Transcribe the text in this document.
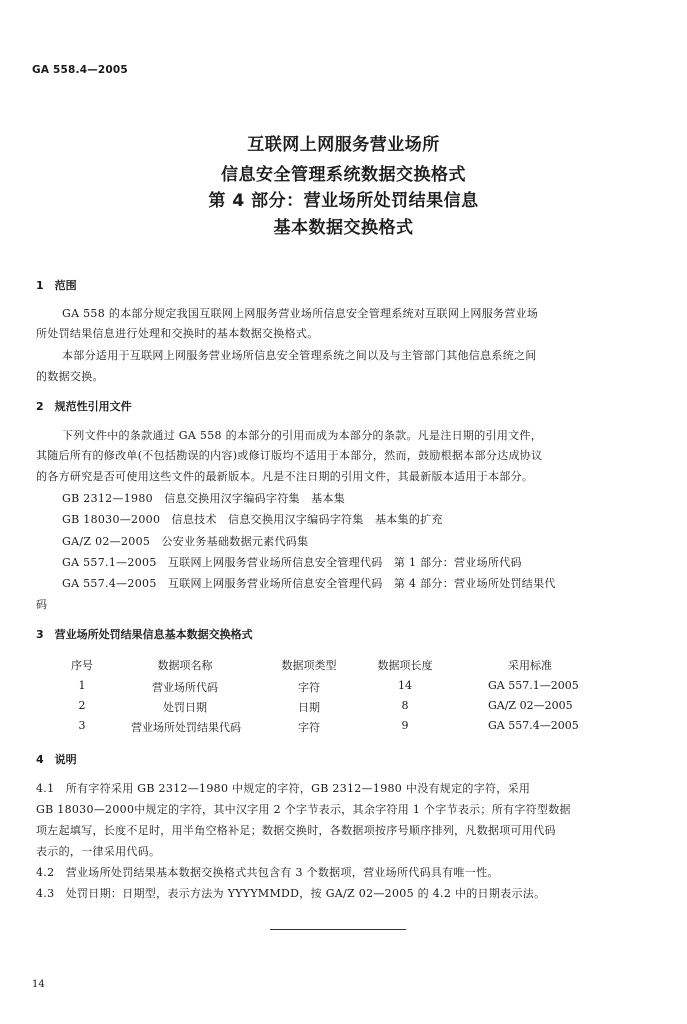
GA 558.4—2005
互联网上网服务营业场所
信息安全管理系统数据交换格式
第 4 部分：营业场所处罚结果信息
基本数据交换格式
1　范围
GA 558 的本部分规定我国互联网上网服务营业场所信息安全管理系统对互联网上网服务营业场
所处罚结果信息进行处理和交换时的基本数据交换格式。
本部分适用于互联网上网服务营业场所信息安全管理系统之间以及与主管部门其他信息系统之间
的数据交换。
2　规范性引用文件
下列文件中的条款通过 GA 558 的本部分的引用而成为本部分的条款。凡是注日期的引用文件，
其随后所有的修改单(不包括勘误的内容)或修订版均不适用于本部分，然而，鼓励根据本部分达成协议
的各方研究是否可使用这些文件的最新版本。凡是不注日期的引用文件，其最新版本适用于本部分。
GB 2312—1980　信息交换用汉字编码字符集　基本集
GB 18030—2000　信息技术　信息交换用汉字编码字符集　基本集的扩充
GA/Z 02—2005　公安业务基础数据元素代码集
GA 557.1—2005　互联网上网服务营业场所信息安全管理代码　第 1 部分：营业场所代码
GA 557.4—2005　互联网上网服务营业场所信息安全管理代码　第 4 部分：营业场所处罚结果代
码
3　营业场所处罚结果信息基本数据交换格式
序号	数据项名称	数据项类型	数据项长度	采用标准
1	营业场所代码	字符	14	GA 557.1—2005
2	处罚日期	日期	8	GA/Z 02—2005
3	营业场所处罚结果代码	字符	9	GA 557.4—2005
4　说明
4.1　所有字符采用 GB 2312—1980 中规定的字符，GB 2312—1980 中没有规定的字符，采用
GB 18030—2000中规定的字符，其中汉字用 2 个字节表示，其余字符用 1 个字节表示；所有字符型数据
项左起填写，长度不足时，用半角空格补足；数据交换时，各数据项按序号顺序排列，凡数据项可用代码
表示的，一律采用代码。
4.2　营业场所处罚结果基本数据交换格式共包含有 3 个数据项，营业场所代码具有唯一性。
4.3　处罚日期：日期型，表示方法为 YYYYMMDD，按 GA/Z 02—2005 的 4.2 中的日期表示法。
14
